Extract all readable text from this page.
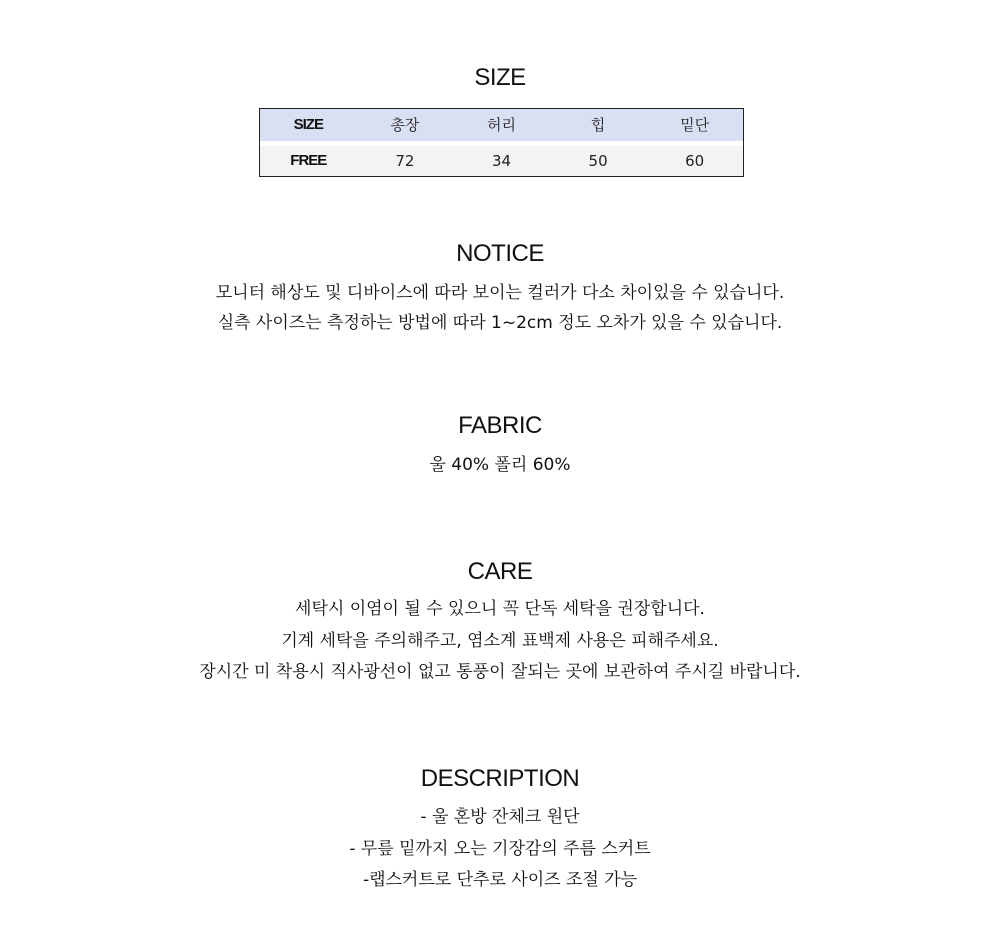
SIZE
SIZE	총장	허리	힙	밑단
FREE	72	34	50	60
NOTICE
모니터 해상도 및 디바이스에 따라 보이는 컬러가 다소 차이있을 수 있습니다.
실측 사이즈는 측정하는 방법에 따라 1~2cm 정도 오차가 있을 수 있습니다.
FABRIC
울 40% 폴리 60%
CARE
세탁시 이염이 될 수 있으니 꼭 단독 세탁을 권장합니다.
기계 세탁을 주의해주고, 염소계 표백제 사용은 피해주세요.
장시간 미 착용시 직사광선이 없고 통풍이 잘되는 곳에 보관하여 주시길 바랍니다.
DESCRIPTION
- 울 혼방 잔체크 원단
- 무릎 밑까지 오는 기장감의 주름 스커트
-랩스커트로 단추로 사이즈 조절 가능
